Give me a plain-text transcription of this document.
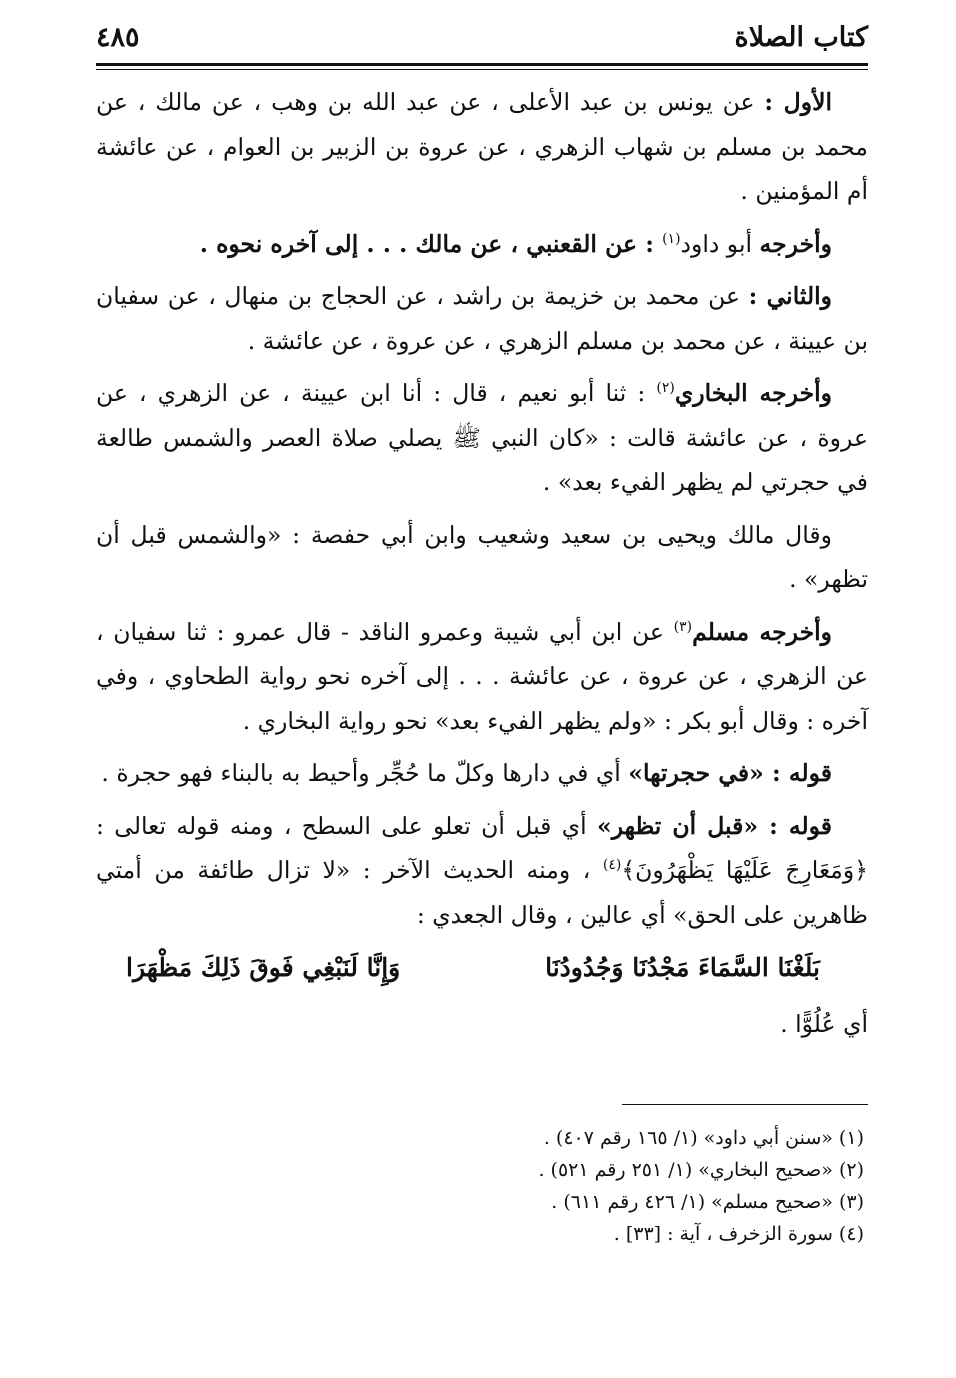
كتاب الصلاة
٤٨٥

الأول : عن يونس بن عبد الأعلى ، عن عبد الله بن وهب ، عن مالك ، عن محمد بن مسلم بن شهاب الزهري ، عن عروة بن الزبير بن العوام ، عن عائشة أم المؤمنين .

وأخرجه أبو داود$^{(١)}$ : عن القعنبي ، عن مالك . . . إلى آخره نحوه .

والثاني : عن محمد بن خزيمة بن راشد ، عن الحجاج بن منهال ، عن سفيان بن عيينة ، عن محمد بن مسلم الزهري ، عن عروة ، عن عائشة .

وأخرجه البخاري$^{(٢)}$ : ثنا أبو نعيم ، قال : أنا ابن عيينة ، عن الزهري ، عن عروة ، عن عائشة قالت : «كان النبي ﷺ يصلي صلاة العصر والشمس طالعة في حجرتي لم يظهر الفيء بعد» .

وقال مالك ويحيى بن سعيد وشعيب وابن أبي حفصة : «والشمس قبل أن تظهر» .

وأخرجه مسلم$^{(٣)}$ عن ابن أبي شيبة وعمرو الناقد - قال عمرو : ثنا سفيان ، عن الزهري ، عن عروة ، عن عائشة . . . إلى آخره نحو رواية الطحاوي ، وفي آخره : وقال أبو بكر : «ولم يظهر الفيء بعد» نحو رواية البخاري .

قوله : «في حجرتها» أي في دارها وكلّ ما حُجِّر وأحيط به بالبناء فهو حجرة .

قوله : «قبل أن تظهر» أي قبل أن تعلو على السطح ، ومنه قوله تعالى : ﴿وَمَعَارِجَ عَلَيْهَا يَظْهَرُونَ﴾$^{(٤)}$ ، ومنه الحديث الآخر : «لا تزال طائفة من أمتي ظاهرين على الحق» أي عالين ، وقال الجعدي :

بَلَغْنَا السَّمَاءَ مَجْدُنَا وَجُدُودُنَا
وَإِنَّا لَنَبْغِي فَوقَ ذَلِكَ مَظْهَرَا

أي عُلُوًّا .

(١) «سنن أبي داود» (١/ ١٦٥ رقم ٤٠٧) .

(٢) «صحيح البخاري» (١/ ٢٥١ رقم ٥٢١) .

(٣) «صحيح مسلم» (١/ ٤٢٦ رقم ٦١١) .

(٤) سورة الزخرف ، آية : [٣٣] .
